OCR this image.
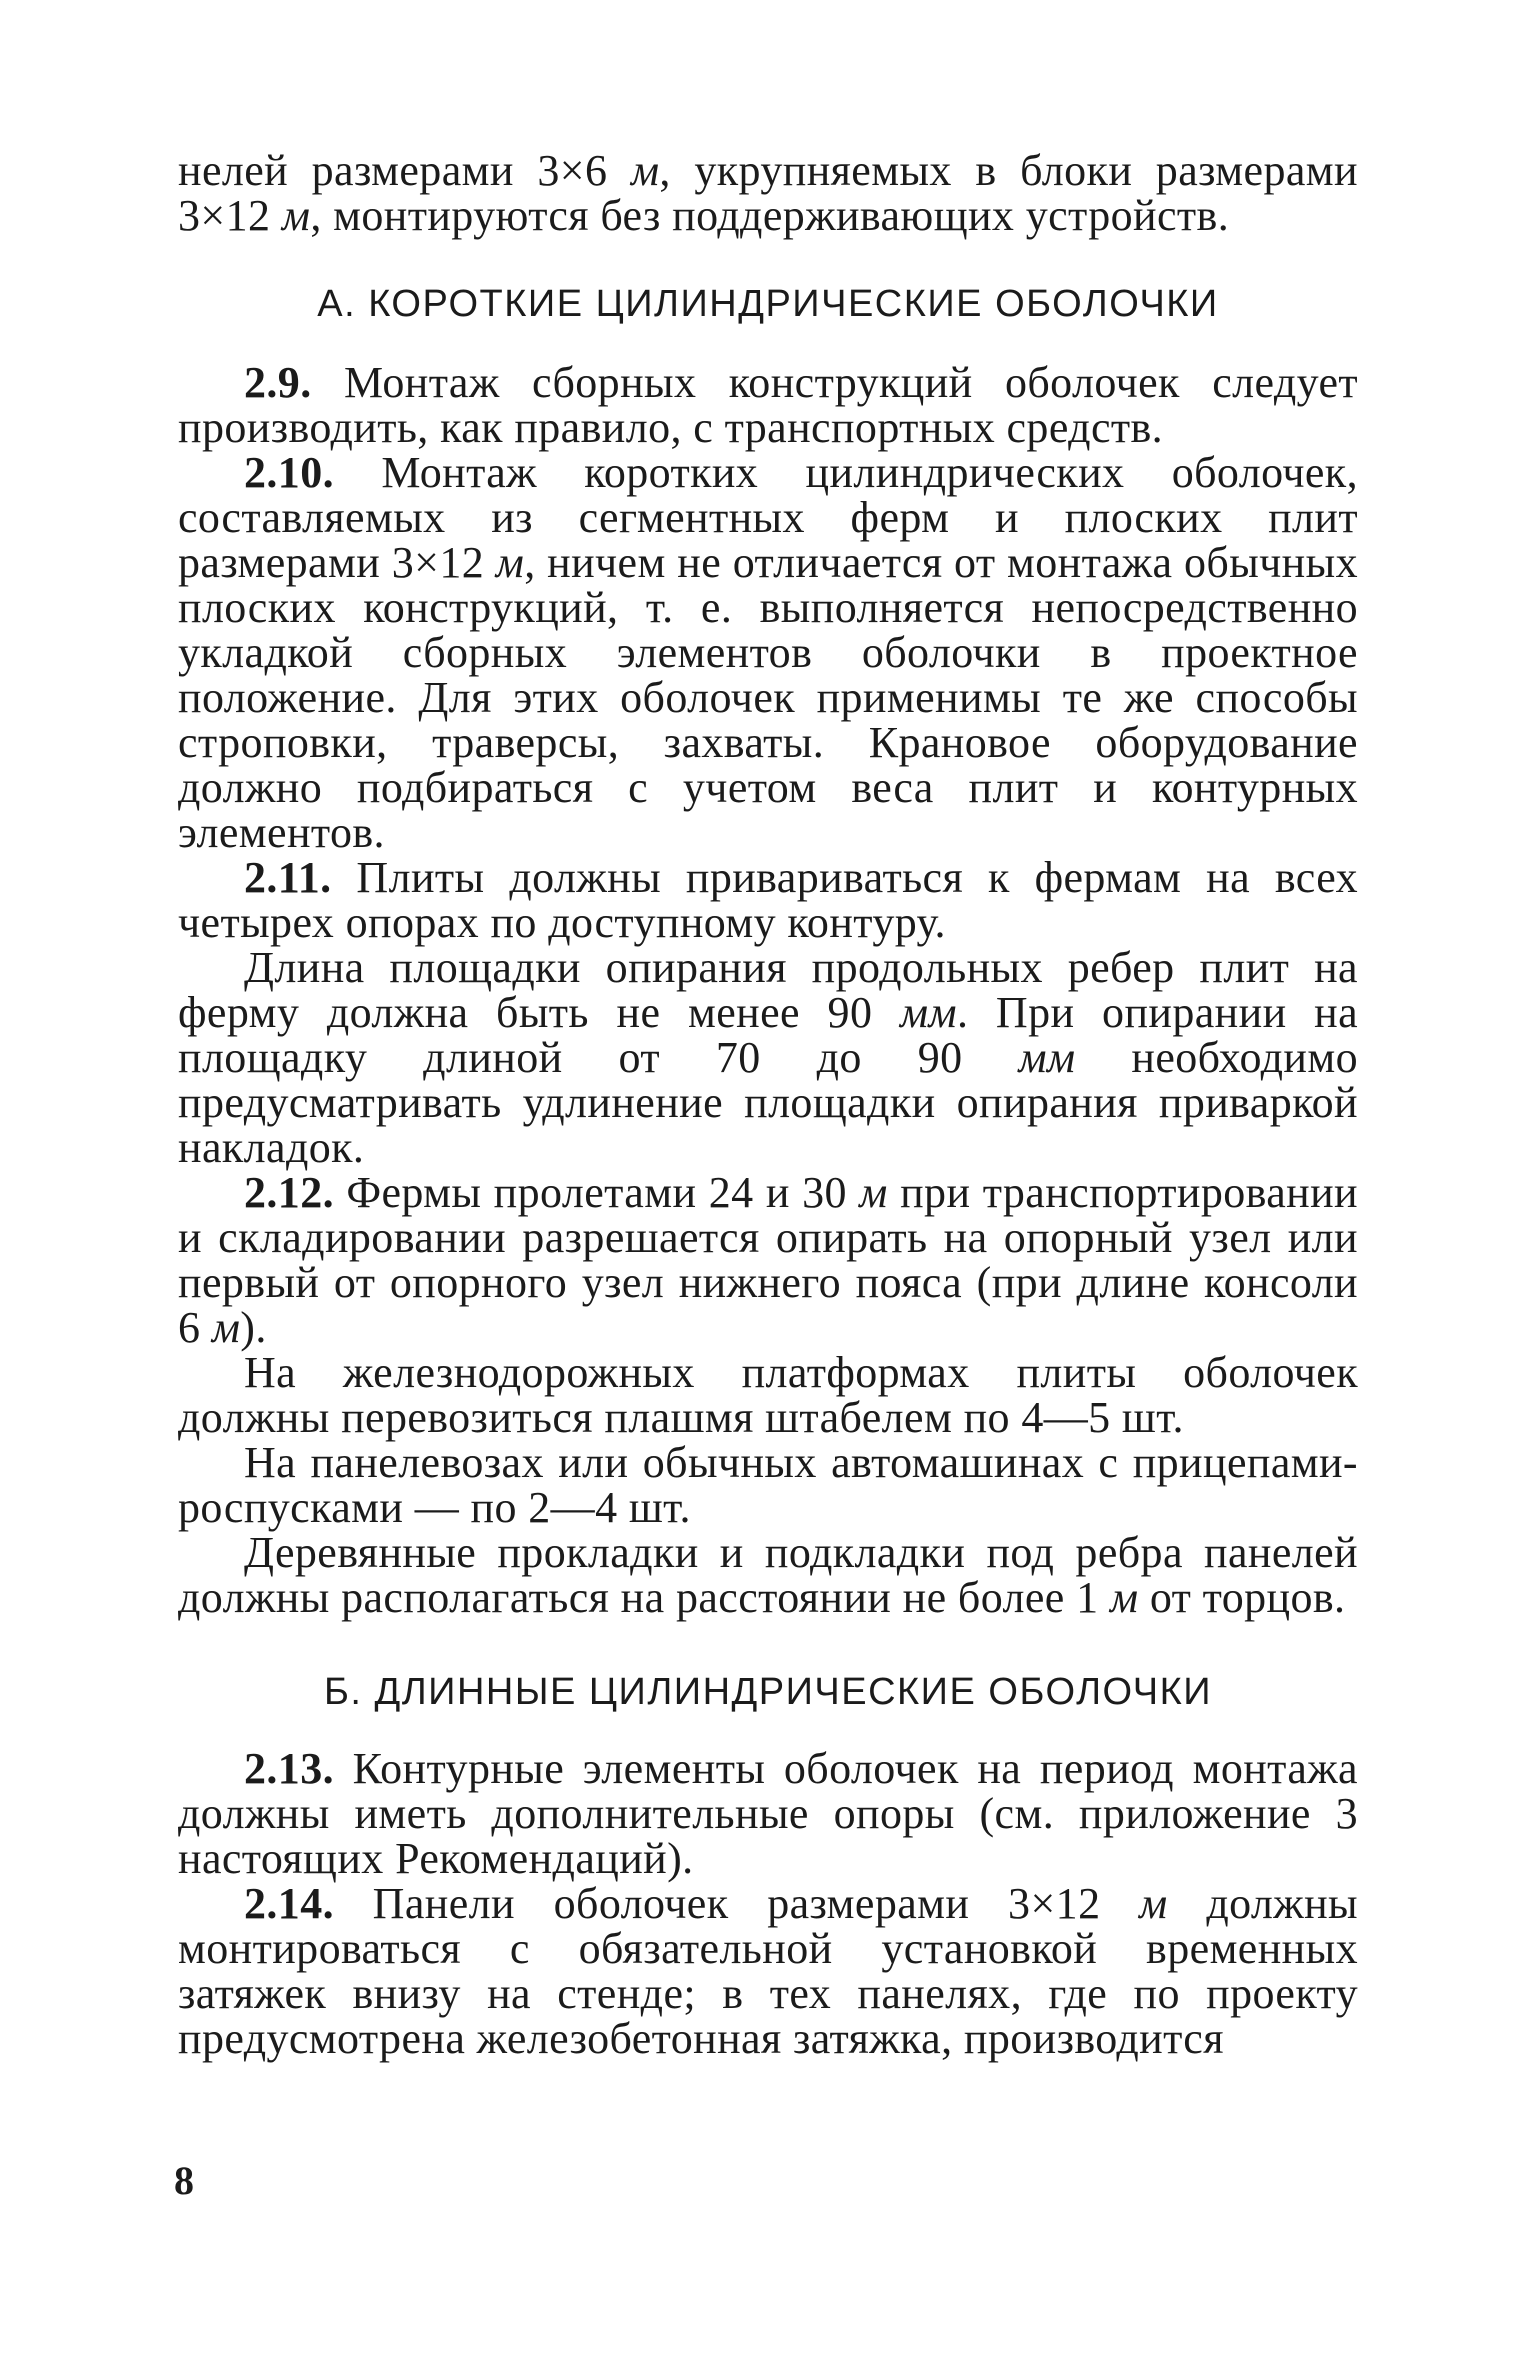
нелей размерами 3×6 м, укрупняемых в блоки размерами 3×12 м, монтируются без поддерживающих устройств.

А. КОРОТКИЕ ЦИЛИНДРИЧЕСКИЕ ОБОЛОЧКИ

2.9. Монтаж сборных конструкций оболочек следует производить, как правило, с транспортных средств.

2.10. Монтаж коротких цилиндрических оболочек, составляемых из сегментных ферм и плоских плит размерами 3×12 м, ничем не отличается от монтажа обычных плоских конструкций, т. е. выполняется непосредственно укладкой сборных элементов оболочки в проектное положение. Для этих оболочек применимы те же способы строповки, траверсы, захваты. Крановое оборудование должно подбираться с учетом веса плит и контурных элементов.

2.11. Плиты должны привариваться к фермам на всех четырех опорах по доступному контуру.

Длина площадки опирания продольных ребер плит на ферму должна быть не менее 90 мм. При опирании на площадку длиной от 70 до 90 мм необходимо предусматривать удлинение площадки опирания приваркой накладок.

2.12. Фермы пролетами 24 и 30 м при транспортировании и складировании разрешается опирать на опорный узел или первый от опорного узел нижнего пояса (при длине консоли 6 м).

На железнодорожных платформах плиты оболочек должны перевозиться плашмя штабелем по 4—5 шт.

На панелевозах или обычных автомашинах с прицепами-роспусками — по 2—4 шт.

Деревянные прокладки и подкладки под ребра панелей должны располагаться на расстоянии не более 1 м от торцов.

Б. ДЛИННЫЕ ЦИЛИНДРИЧЕСКИЕ ОБОЛОЧКИ

2.13. Контурные элементы оболочек на период монтажа должны иметь дополнительные опоры (см. приложение 3 настоящих Рекомендаций).

2.14. Панели оболочек размерами 3×12 м должны монтироваться с обязательной установкой временных затяжек внизу на стенде; в тех панелях, где по проекту предусмотрена железобетонная затяжка, производится

8
